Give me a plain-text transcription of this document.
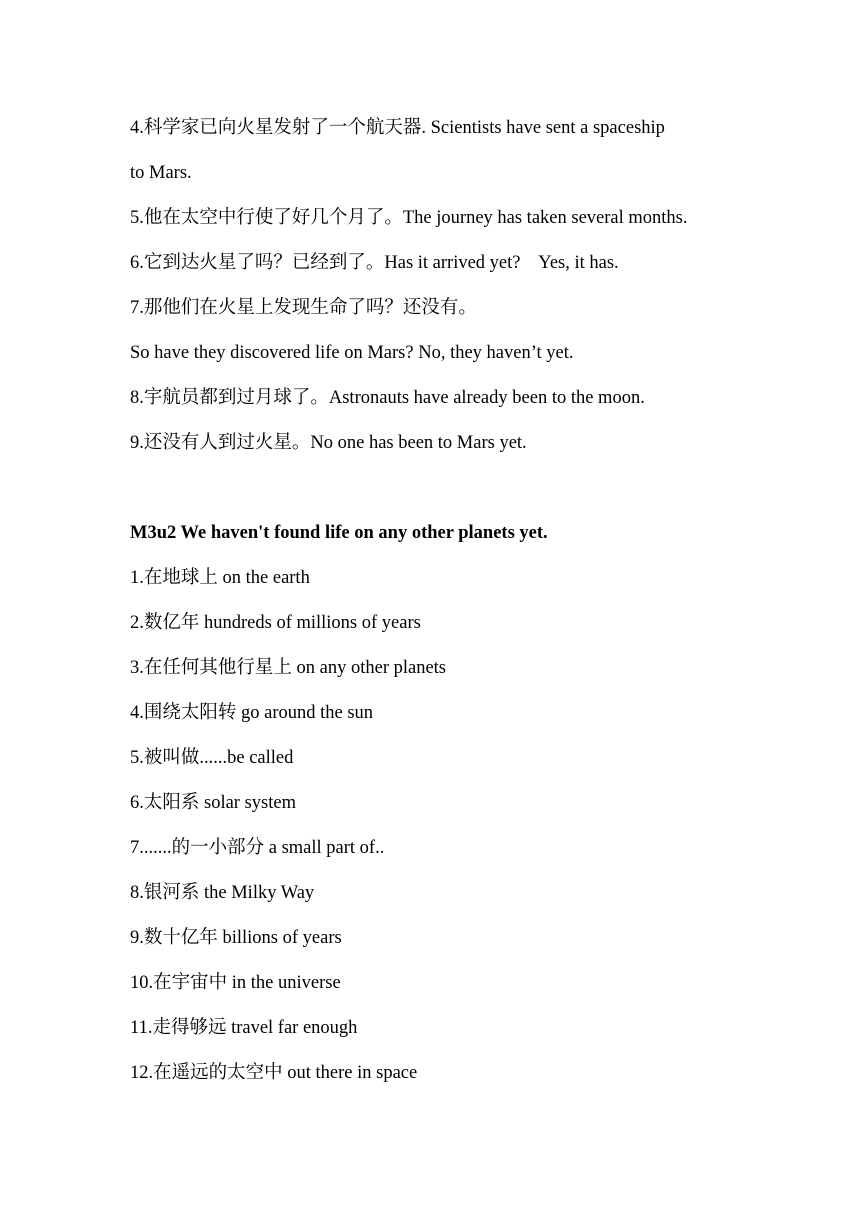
4.科学家已向火星发射了一个航天器. Scientists have sent a spaceship
to Mars.
5.他在太空中行使了好几个月了。The journey has taken several months.
6.它到达火星了吗？已经到了。Has it arrived yet?    Yes, it has.
7.那他们在火星上发现生命了吗？还没有。
So have they discovered life on Mars? No, they haven’t yet.
8.宇航员都到过月球了。Astronauts have already been to the moon.
9.还没有人到过火星。No one has been to Mars yet.
M3u2 We haven't found life on any other planets yet.
1.在地球上 on the earth
2.数亿年 hundreds of millions of years
3.在任何其他行星上 on any other planets
4.围绕太阳转 go around the sun
5.被叫做......be called
6.太阳系 solar system
7.......的一小部分 a small part of..
8.银河系 the Milky Way
9.数十亿年 billions of years
10.在宇宙中 in the universe
11.走得够远 travel far enough
12.在遥远的太空中 out there in space
